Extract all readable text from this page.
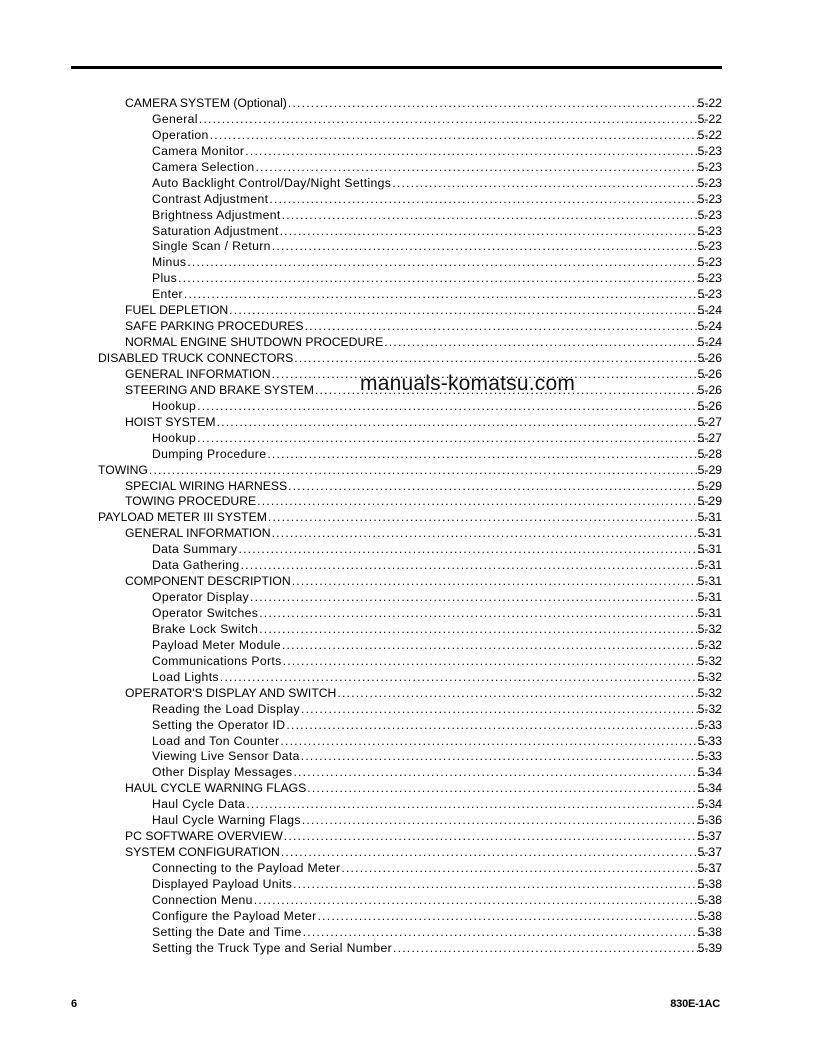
CAMERA SYSTEM (Optional) .....	5-22
General .....	5-22
Operation .....	5-22
Camera Monitor .....	5-23
Camera Selection .....	5-23
Auto Backlight Control/Day/Night Settings .....	5-23
Contrast Adjustment .....	5-23
Brightness Adjustment .....	5-23
Saturation Adjustment .....	5-23
Single Scan / Return .....	5-23
Minus .....	5-23
Plus .....	5-23
Enter .....	5-23
FUEL DEPLETION .....	5-24
SAFE PARKING PROCEDURES .....	5-24
NORMAL ENGINE SHUTDOWN PROCEDURE .....	5-24
DISABLED TRUCK CONNECTORS .....	5-26
GENERAL INFORMATION .....	5-26
STEERING AND BRAKE SYSTEM .....	5-26
Hookup .....	5-26
HOIST SYSTEM .....	5-27
Hookup .....	5-27
Dumping Procedure .....	5-28
TOWING .....	5-29
SPECIAL WIRING HARNESS .....	5-29
TOWING PROCEDURE .....	5-29
PAYLOAD METER III SYSTEM .....	5-31
GENERAL INFORMATION .....	5-31
Data Summary .....	5-31
Data Gathering .....	5-31
COMPONENT DESCRIPTION .....	5-31
Operator Display .....	5-31
Operator Switches .....	5-31
Brake Lock Switch .....	5-32
Payload Meter Module .....	5-32
Communications Ports .....	5-32
Load Lights .....	5-32
OPERATOR'S DISPLAY AND SWITCH .....	5-32
Reading the Load Display .....	5-32
Setting the Operator ID .....	5-33
Load and Ton Counter .....	5-33
Viewing Live Sensor Data .....	5-33
Other Display Messages .....	5-34
HAUL CYCLE WARNING FLAGS .....	5-34
Haul Cycle Data .....	5-34
Haul Cycle Warning Flags .....	5-36
PC SOFTWARE OVERVIEW .....	5-37
SYSTEM CONFIGURATION .....	5-37
Connecting to the Payload Meter .....	5-37
Displayed Payload Units .....	5-38
Connection Menu .....	5-38
Configure the Payload Meter .....	5-38
Setting the Date and Time .....	5-38
Setting the Truck Type and Serial Number .....	5-39
manuals-komatsu.com
6	830E-1AC
